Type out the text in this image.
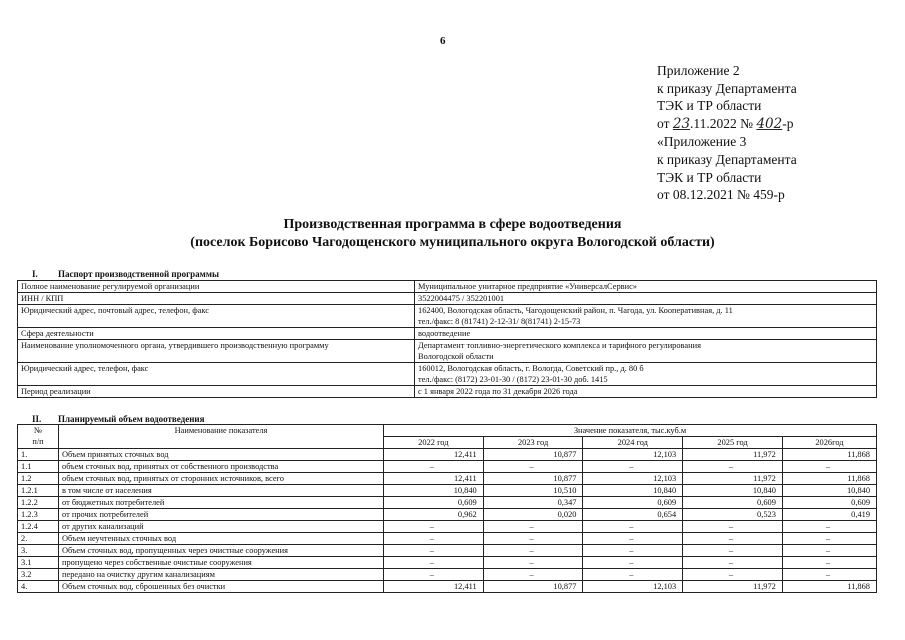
6
Приложение 2
к приказу Департамента
ТЭК и ТР области
от 23.11.2022 № 402-р
«Приложение 3
к приказу Департамента
ТЭК и ТР области
от 08.12.2021 № 459-р
Производственная программа в сфере водоотведения
(поселок Борисово Чагодощенского муниципального округа Вологодской области)
I. Паспорт производственной программы
Полное наименование регулируемой организации	Муниципальное унитарное предприятие «УниверсалСервис»

ИНН / КПП	3522004475 / 352201001

Юридический адрес, почтовый адрес, телефон, факс	162400, Вологодская область, Чагодощенский район, п. Чагода, ул. Кооперативная, д. 11
тел./факс: 8 (81741) 2-12-31/ 8(81741) 2-15-73

Сфера деятельности	водоотведение

Наименование уполномоченного органа, утвердившего производственную программу	Департамент топливно-энергетического комплекса и тарифного регулирования
Вологодской области

Юридический адрес, телефон, факс	160012, Вологодская область, г. Вологда, Советский пр., д. 80 б
тел./факс: (8172) 23-01-30 / (8172) 23-01-30 доб. 1415

Период реализации	с 1 января 2022 года по 31 декабря 2026 года
II. Планируемый объем водоотведения
№
п/п	Наименование показателя	Значение показателя, тыс.куб.м				
		2022 год	2023 год	2024 год	2025 год	2026год
1.	Объем принятых сточных вод	12,411	10,877	12,103	11,972	11,868
1.1	объем сточных вод, принятых от собственного производства	–	–	–	–	–
1.2	объем сточных вод, принятых от сторонних источников, всего	12,411	10,877	12,103	11,972	11,868
1.2.1	в том числе от населения	10,840	10,510	10,840	10,840	10,840
1.2.2	от бюджетных потребителей	0,609	0,347	0,609	0,609	0,609
1.2.3	от прочих потребителей	0,962	0,020	0,654	0,523	0,419
1.2.4	от других канализаций	–	–	–	–	–
2.	Объем неучтенных сточных вод	–	–	–	–	–
3.	Объем сточных вод, пропущенных через очистные сооружения	–	–	–	–	–
3.1	пропущено через собственные очистные сооружения	–	–	–	–	–
3.2	передано на очистку другим канализациям	–	–	–	–	–
4.	Объем сточных вод, сброшенных без очистки	12,411	10,877	12,103	11,972	11,868
